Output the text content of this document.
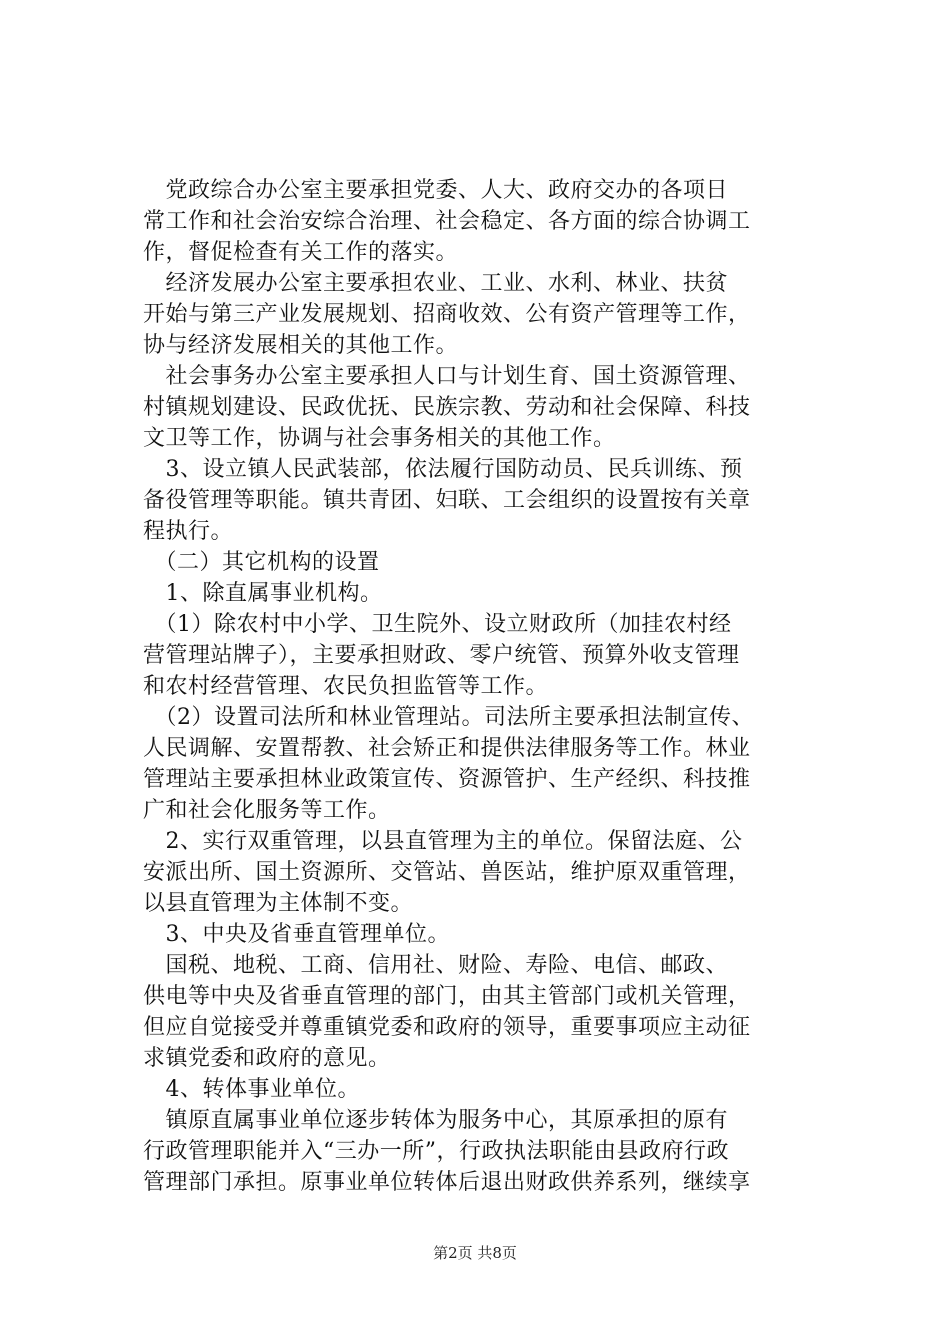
　党政综合办公室主要承担党委、人大、政府交办的各项日
常工作和社会治安综合治理、社会稳定、各方面的综合协调工
作，督促检查有关工作的落实。
　经济发展办公室主要承担农业、工业、水利、林业、扶贫
开始与第三产业发展规划、招商收效、公有资产管理等工作，
协与经济发展相关的其他工作。
　社会事务办公室主要承担人口与计划生育、国土资源管理、
村镇规划建设、民政优抚、民族宗教、劳动和社会保障、科技
文卫等工作，协调与社会事务相关的其他工作。
　3、设立镇人民武装部，依法履行国防动员、民兵训练、预
备役管理等职能。镇共青团、妇联、工会组织的设置按有关章
程执行。
　（二）其它机构的设置
　1、除直属事业机构。
　（1）除农村中小学、卫生院外、设立财政所（加挂农村经
营管理站牌子），主要承担财政、零户统管、预算外收支管理
和农村经营管理、农民负担监管等工作。
　（2）设置司法所和林业管理站。司法所主要承担法制宣传、
人民调解、安置帮教、社会矫正和提供法律服务等工作。林业
管理站主要承担林业政策宣传、资源管护、生产经织、科技推
广和社会化服务等工作。
　2、实行双重管理，以县直管理为主的单位。保留法庭、公
安派出所、国土资源所、交管站、兽医站，维护原双重管理，
以县直管理为主体制不变。
　3、中央及省垂直管理单位。
　国税、地税、工商、信用社、财险、寿险、电信、邮政、
供电等中央及省垂直管理的部门，由其主管部门或机关管理，
但应自觉接受并尊重镇党委和政府的领导，重要事项应主动征
求镇党委和政府的意见。
　4、转体事业单位。
　镇原直属事业单位逐步转体为服务中心，其原承担的原有
行政管理职能并入“三办一所”，行政执法职能由县政府行政
管理部门承担。原事业单位转体后退出财政供养系列，继续享
第2页 共8页
